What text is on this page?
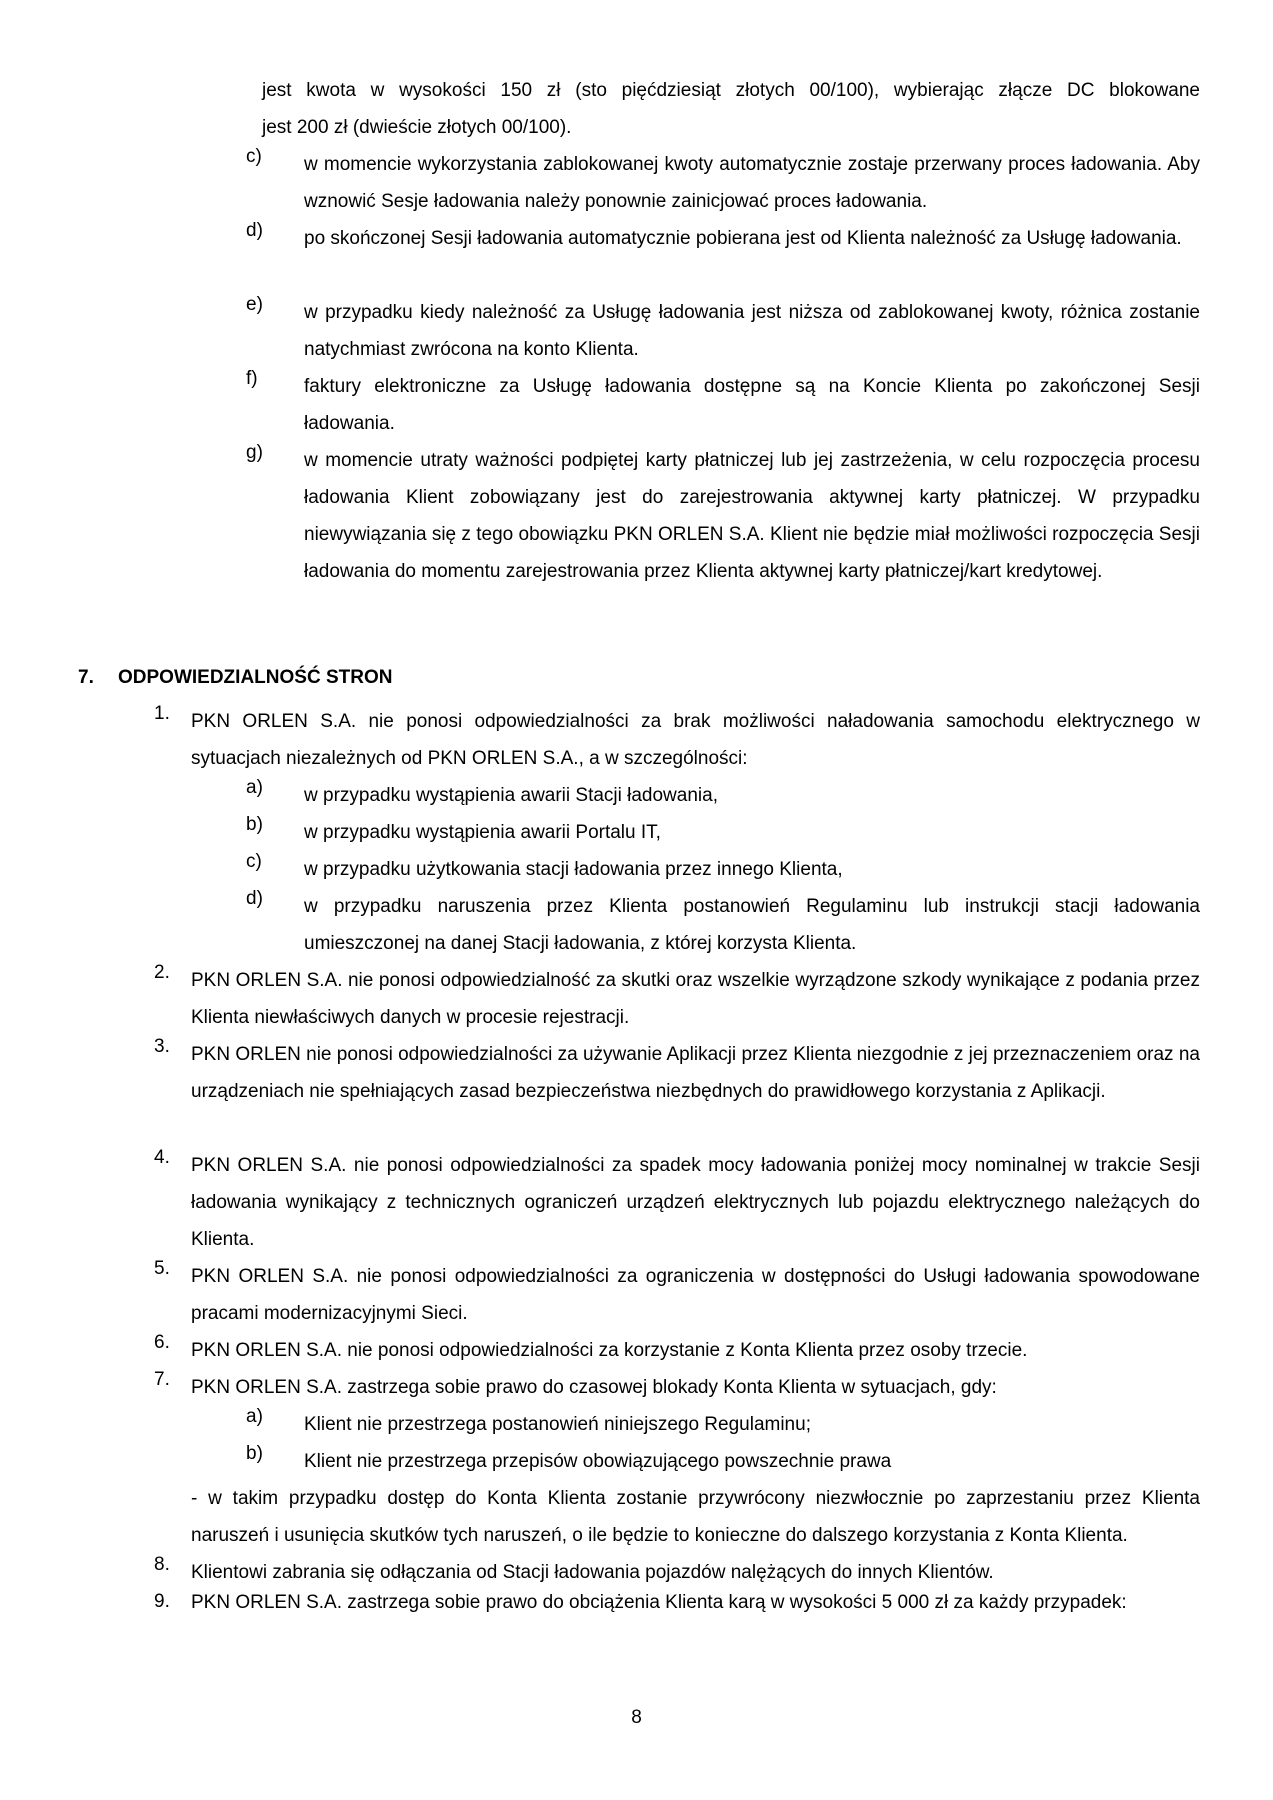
jest kwota w wysokości 150 zł (sto pięćdziesiąt złotych 00/100), wybierając złącze DC blokowane
jest 200 zł (dwieście złotych 00/100).
c)	w momencie wykorzystania zablokowanej kwoty automatycznie zostaje przerwany proces ładowania. Aby wznowić Sesje ładowania należy ponownie zainicjować proces ładowania.
d)	po skończonej Sesji ładowania automatycznie pobierana jest od Klienta należność za Usługę ładowania.
e)	w przypadku kiedy należność za Usługę ładowania jest niższa od zablokowanej kwoty, różnica zostanie natychmiast zwrócona na konto Klienta.
f)	faktury elektroniczne za Usługę ładowania dostępne są na Koncie Klienta po zakończonej Sesji ładowania.
g)	w momencie utraty ważności podpiętej karty płatniczej lub jej zastrzeżenia, w celu rozpoczęcia procesu ładowania Klient zobowiązany jest do zarejestrowania aktywnej karty płatniczej. W przypadku niewywiązania się z tego obowiązku PKN ORLEN S.A. Klient nie będzie miał możliwości rozpoczęcia Sesji ładowania do momentu zarejestrowania przez Klienta aktywnej karty płatniczej/kart kredytowej.
7. ODPOWIEDZIALNOŚĆ STRON
1.	PKN ORLEN S.A. nie ponosi odpowiedzialności za brak możliwości naładowania samochodu elektrycznego w sytuacjach niezależnych od PKN ORLEN S.A., a w szczególności:
a)	w przypadku wystąpienia awarii Stacji ładowania,
b)	w przypadku wystąpienia awarii Portalu IT,
c)	w przypadku użytkowania stacji ładowania przez innego Klienta,
d)	w przypadku naruszenia przez Klienta postanowień Regulaminu lub instrukcji stacji ładowania umieszczonej na danej Stacji ładowania, z której korzysta Klienta.
2.	PKN ORLEN S.A. nie ponosi odpowiedzialność za skutki oraz wszelkie wyrządzone szkody wynikające z podania przez Klienta niewłaściwych danych w procesie rejestracji.
3.	PKN ORLEN nie ponosi odpowiedzialności za używanie Aplikacji przez Klienta niezgodnie z jej przeznaczeniem oraz na urządzeniach nie spełniających zasad bezpieczeństwa niezbędnych do prawidłowego korzystania z Aplikacji.
4.	PKN ORLEN S.A. nie ponosi odpowiedzialności za spadek mocy ładowania poniżej mocy nominalnej w trakcie Sesji ładowania wynikający z technicznych ograniczeń urządzeń elektrycznych lub pojazdu elektrycznego należących do Klienta.
5.	PKN ORLEN S.A. nie ponosi odpowiedzialności za ograniczenia w dostępności do Usługi ładowania spowodowane pracami modernizacyjnymi Sieci.
6.	PKN ORLEN S.A. nie ponosi odpowiedzialności za korzystanie z Konta Klienta przez osoby trzecie.
7.	PKN ORLEN S.A. zastrzega sobie prawo do czasowej blokady Konta Klienta w sytuacjach, gdy:
a)	Klient nie przestrzega postanowień niniejszego Regulaminu;
b)	Klient nie przestrzega przepisów obowiązującego powszechnie prawa
- w takim przypadku dostęp do Konta Klienta zostanie przywrócony niezwłocznie po zaprzestaniu przez Klienta naruszeń i usunięcia skutków tych naruszeń, o ile będzie to konieczne do dalszego korzystania z Konta Klienta.
8.	Klientowi zabrania się odłączania od Stacji ładowania pojazdów nalężących do innych Klientów.
9.	PKN ORLEN S.A. zastrzega sobie prawo do obciążenia Klienta karą w wysokości 5 000 zł za każdy przypadek:
8
